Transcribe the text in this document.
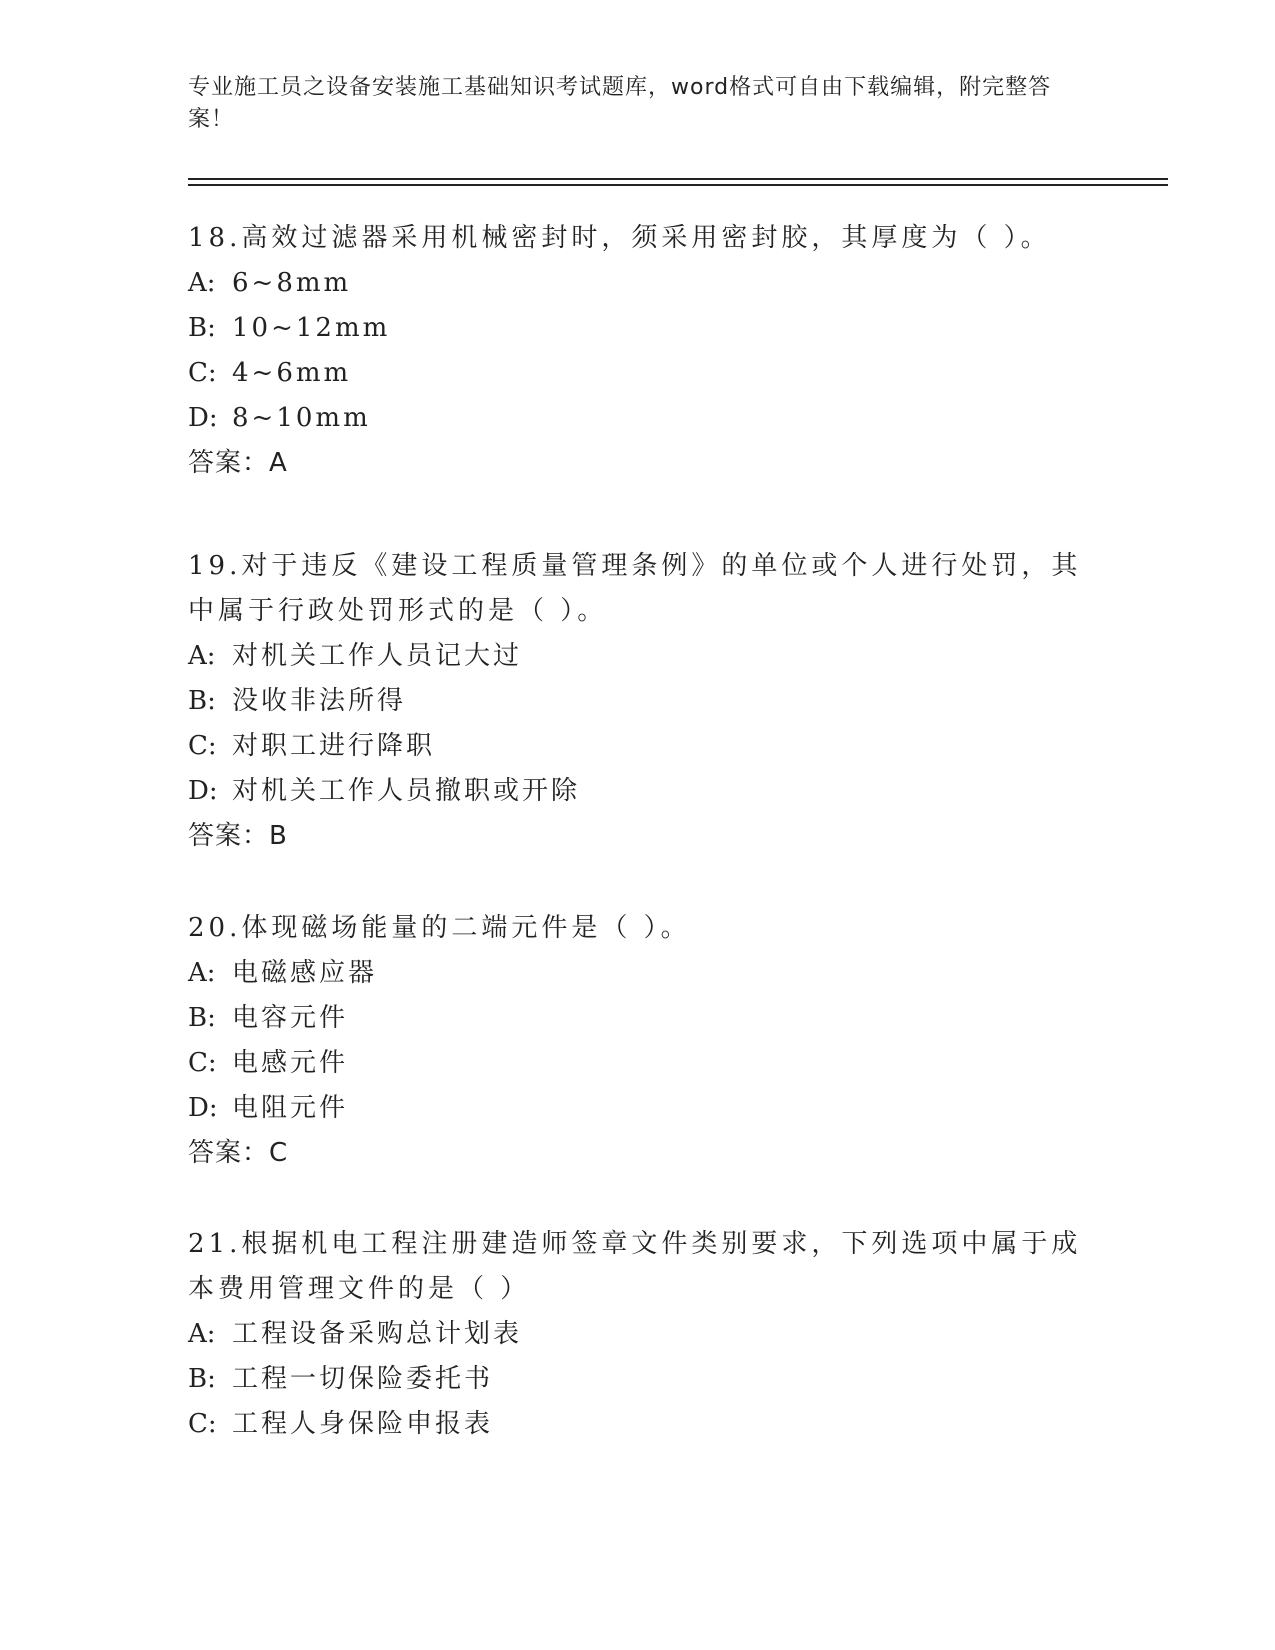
专业施工员之设备安装施工基础知识考试题库，word格式可自由下载编辑，附完整答案！
18.高效过滤器采用机械密封时，须采用密封胶，其厚度为（ ）。
A: 6~8mm
B: 10~12mm
C: 4~6mm
D: 8~10mm
答案：A
19.对于违反《建设工程质量管理条例》的单位或个人进行处罚，其中属于行政处罚形式的是（ ）。
A: 对机关工作人员记大过
B: 没收非法所得
C: 对职工进行降职
D: 对机关工作人员撤职或开除
答案：B
20.体现磁场能量的二端元件是（ ）。
A: 电磁感应器
B: 电容元件
C: 电感元件
D: 电阻元件
答案：C
21.根据机电工程注册建造师签章文件类别要求，下列选项中属于成本费用管理文件的是（ ）
A: 工程设备采购总计划表
B: 工程一切保险委托书
C: 工程人身保险申报表
